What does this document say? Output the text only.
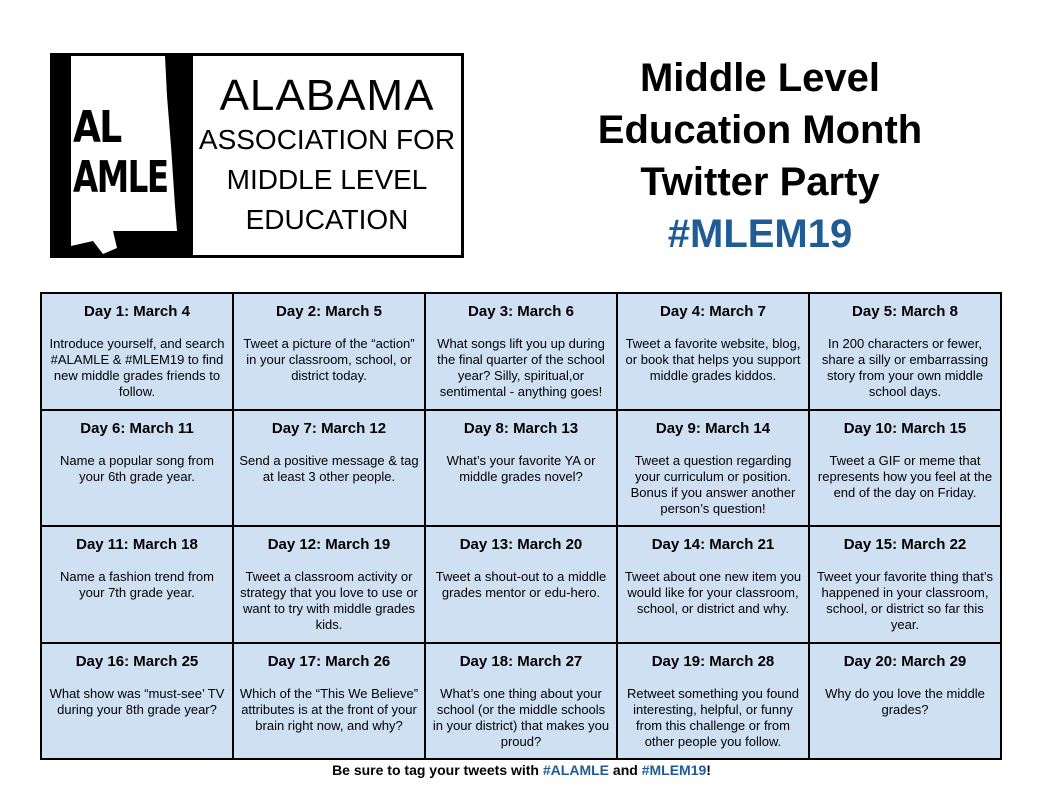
AL
AMLE
ALABAMA
ASSOCIATION FOR
MIDDLE LEVEL
EDUCATION
Middle Level
Education Month
Twitter Party
#MLEM19
Day 1: March 4
Introduce yourself, and search #ALAMLE & #MLEM19 to find new middle grades friends to follow.
Day 2: March 5
Tweet a picture of the “action” in your classroom, school, or district today.
Day 3: March 6
What songs lift you up during the final quarter of the school year? Silly, spiritual,or sentimental - anything goes!
Day 4: March 7
Tweet a favorite website, blog, or book that helps you support middle grades kiddos.
Day 5: March 8
In 200 characters or fewer, share a silly or embarrassing story from your own middle school days.
Day 6: March 11
Name a popular song from your 6th grade year.
Day 7: March 12
Send a positive message & tag at least 3 other people.
Day 8: March 13
What’s your favorite YA or middle grades novel?
Day 9: March 14
Tweet a question regarding your curriculum or position. Bonus if you answer another person’s question!
Day 10: March 15
Tweet a GIF or meme that represents how you feel at the end of the day on Friday.
Day 11: March 18
Name a fashion trend from your 7th grade year.
Day 12: March 19
Tweet a classroom activity or strategy that you love to use or want to try with middle grades kids.
Day 13: March 20
Tweet a shout-out to a middle grades mentor or edu-hero.
Day 14: March 21
Tweet about one new item you would like for your classroom, school, or district and why.
Day 15: March 22
Tweet your favorite thing that’s happened in your classroom, school, or district so far this year.
Day 16: March 25
What show was “must-see’ TV during your 8th grade year?
Day 17: March 26
Which of the “This We Believe” attributes is at the front of your brain right now, and why?
Day 18: March 27
What’s one thing about your school (or the middle schools in your district) that makes you proud?
Day 19: March 28
Retweet something you found interesting, helpful, or funny from this challenge or from other people you follow.
Day 20: March 29
Why do you love the middle grades?
Be sure to tag your tweets with #ALAMLE and #MLEM19!
